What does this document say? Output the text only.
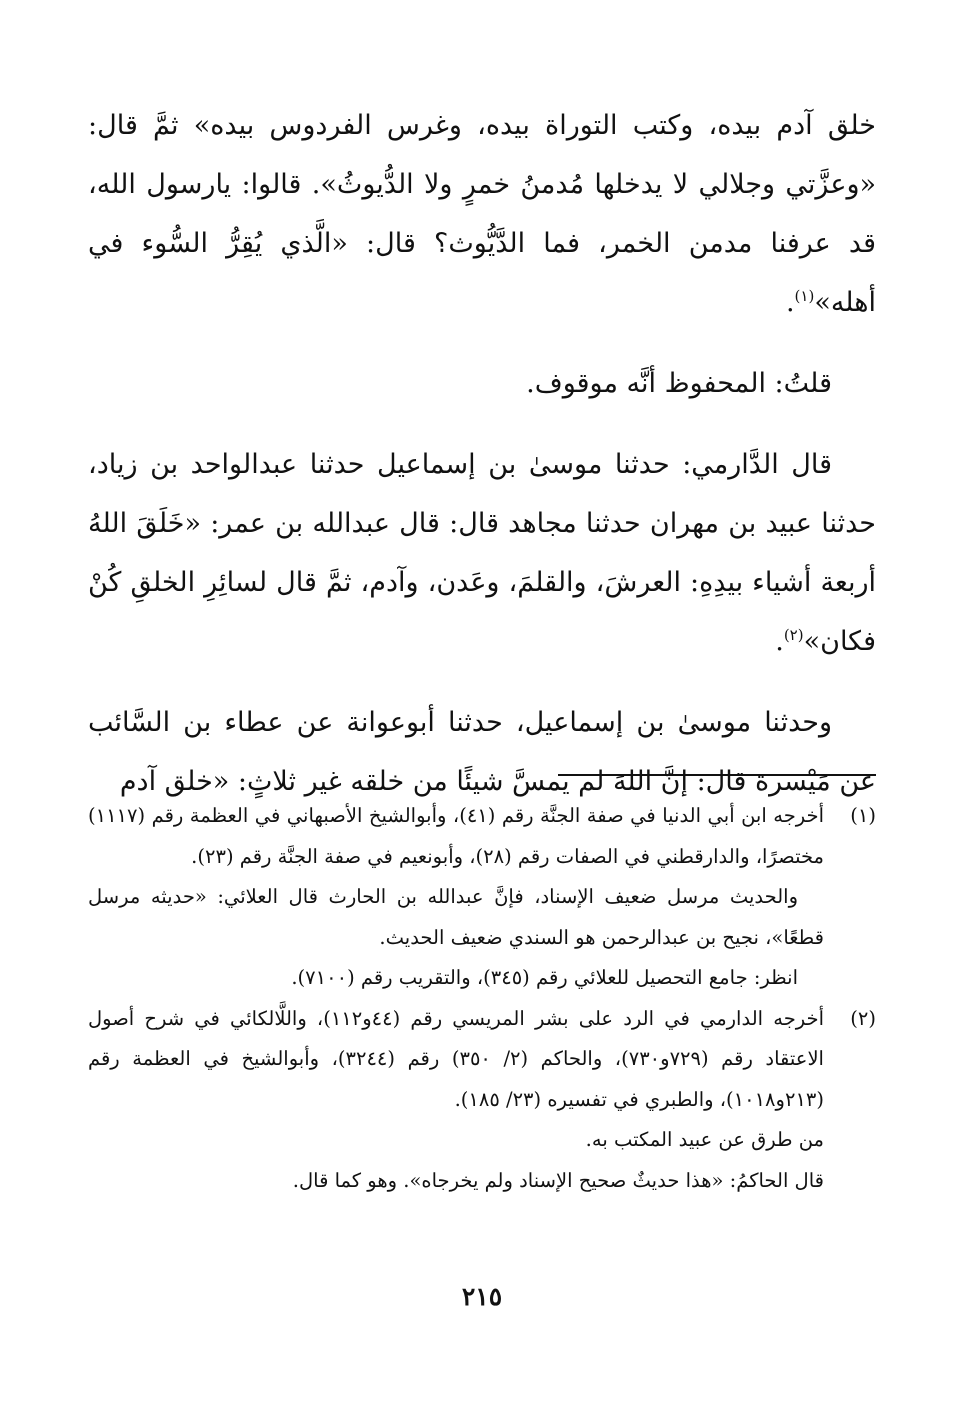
خلق آدم بيده، وكتب التوراة بيده، وغرس الفردوس بيده» ثمَّ قال: «وعزَّتي وجلالي لا يدخلها مُدمنُ خمرٍ ولا الدُّيوثُ». قالوا: يارسول الله، قد عرفنا مدمن الخمر، فما الدَّيُّوث؟ قال: «الَّذي يُقِرُّ السُّوء في أهله»$^{(١)}$.

قلتُ: المحفوظ أنَّه موقوف.

قال الدَّارمي: حدثنا موسىٰ بن إسماعيل حدثنا عبدالواحد بن زياد، حدثنا عبيد بن مهران حدثنا مجاهد قال: قال عبدالله بن عمر: «خَلَقَ اللهُ أربعة أشياء بيدِهِ: العرشَ، والقلمَ، وعَدن، وآدم، ثمَّ قال لسائِرِ الخلقِ كُنْ فكان»$^{(٢)}$.

وحدثنا موسىٰ بن إسماعيل، حدثنا أبوعوانة عن عطاء بن السَّائب عن مَيْسرة قال: إنَّ اللهَ لم يمسَّ شيئًا من خلقه غير ثلاثٍ: «خلق آدم

(١)

أخرجه ابن أبي الدنيا في صفة الجنَّة رقم (٤١)، وأبوالشيخ الأصبهاني في العظمة رقم (١١١٧) مختصرًا، والدارقطني في الصفات رقم (٢٨)، وأبونعيم في صفة الجنَّة رقم (٢٣).

والحديث مرسل ضعيف الإسناد، فإنَّ عبدالله بن الحارث قال العلائي: «حديثه مرسل قطعًا»، نجيح بن عبدالرحمن هو السندي ضعيف الحديث.

انظر: جامع التحصيل للعلائي رقم (٣٤٥)، والتقريب رقم (٧١٠٠).

(٢)

أخرجه الدارمي في الرد على بشر المريسي رقم (٤٤و١١٢)، واللَّالكائي في شرح أصول الاعتقاد رقم (٧٢٩و٧٣٠)، والحاكم (٢/ ٣٥٠) رقم (٣٢٤٤)، وأبوالشيخ في العظمة رقم (٢١٣و١٠١٨)، والطبري في تفسيره (٢٣/ ١٨٥).

من طرق عن عبيد المكتب به.

قال الحاكمُ: «هذا حديثٌ صحيح الإسناد ولم يخرجاه». وهو كما قال.

٢١٥
